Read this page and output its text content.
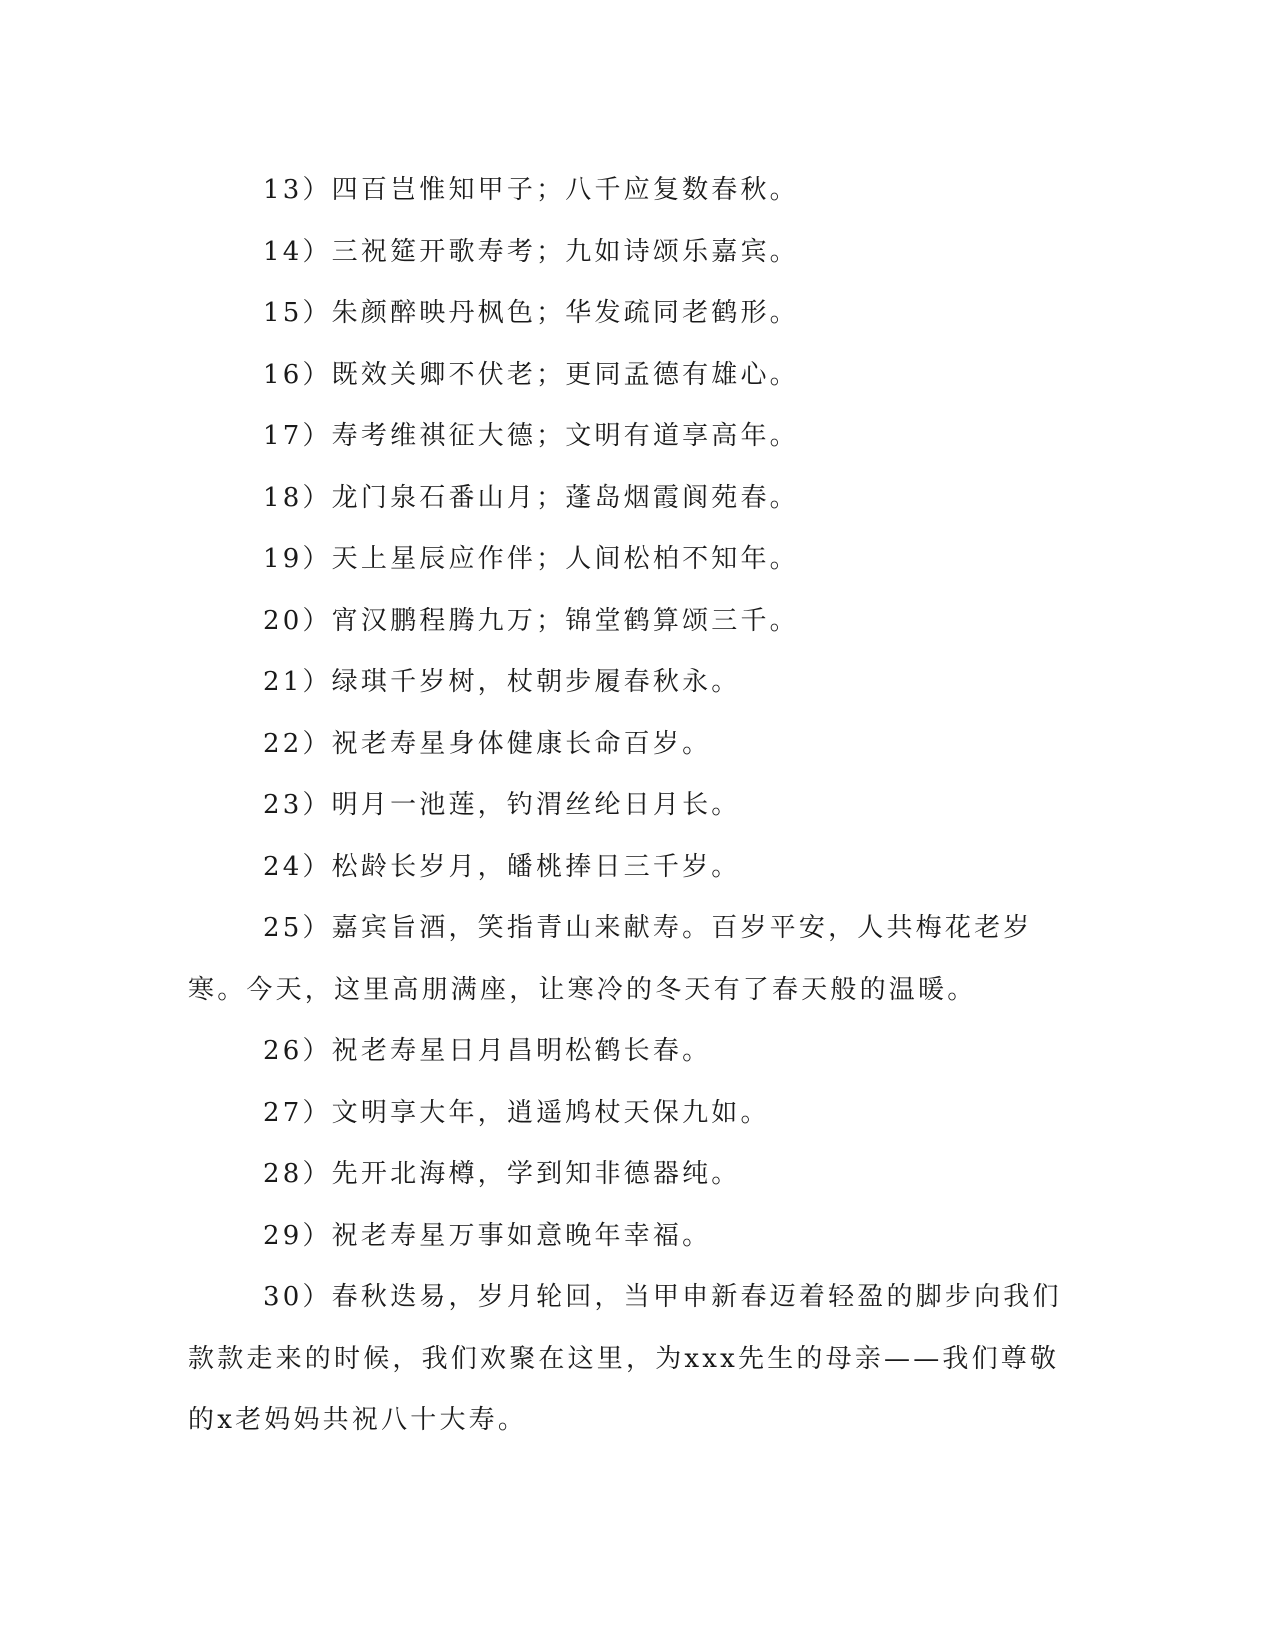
13）四百岂惟知甲子；八千应复数春秋。

14）三祝筵开歌寿考；九如诗颂乐嘉宾。

15）朱颜醉映丹枫色；华发疏同老鹤形。

16）既效关卿不伏老；更同孟德有雄心。

17）寿考维祺征大德；文明有道享高年。

18）龙门泉石番山月；蓬岛烟霞阆苑春。

19）天上星辰应作伴；人间松柏不知年。

20）宵汉鹏程腾九万；锦堂鹤算颂三千。

21）绿琪千岁树，杖朝步履春秋永。

22）祝老寿星身体健康长命百岁。

23）明月一池莲，钓渭丝纶日月长。

24）松龄长岁月，皤桃捧日三千岁。

25）嘉宾旨酒，笑指青山来献寿。百岁平安，人共梅花老岁寒。今天，这里高朋满座，让寒冷的冬天有了春天般的温暖。

26）祝老寿星日月昌明松鹤长春。

27）文明享大年，逍遥鸠杖天保九如。

28）先开北海樽，学到知非德器纯。

29）祝老寿星万事如意晚年幸福。

30）春秋迭易，岁月轮回，当甲申新春迈着轻盈的脚步向我们款款走来的时候，我们欢聚在这里，为xxx先生的母亲——我们尊敬的x老妈妈共祝八十大寿。
